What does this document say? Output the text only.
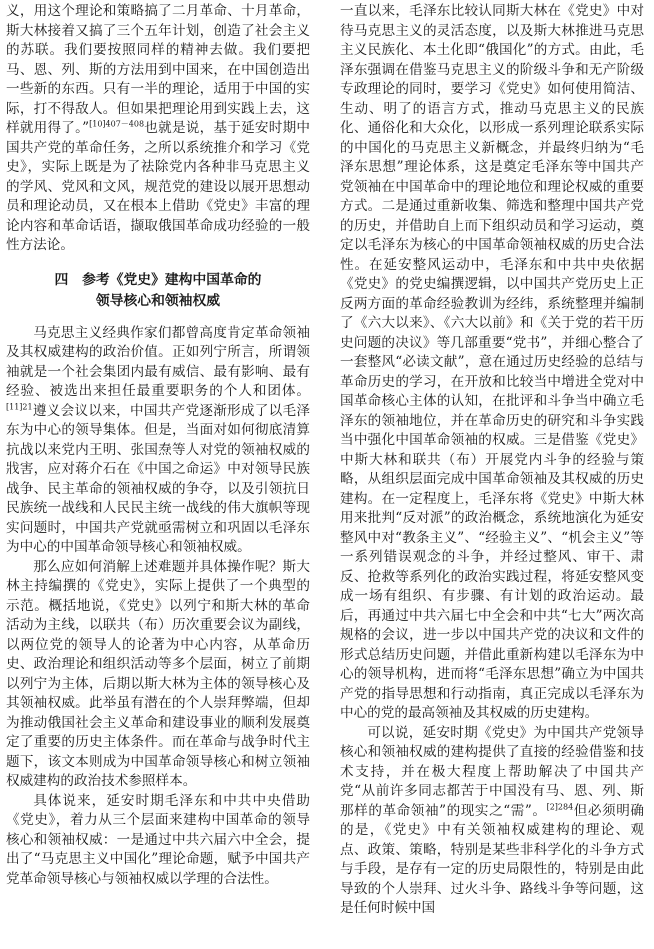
义，用这个理论和策略搞了二月革命、十月革命，斯大林接着又搞了三个五年计划，创造了社会主义的苏联。我们要按照同样的精神去做。我们要把马、恩、列、斯的方法用到中国来，在中国创造出一些新的东西。只有一半的理论，适用于中国的实际，打不得敌人。但如果把理论用到实践上去，这样就用得了。”$^{[10]407-408}$也就是说，基于延安时期中国共产党的革命任务，之所以系统推介和学习《党史》，实际上既是为了祛除党内各种非马克思主义的学风、党风和文风，规范党的建设以展开思想动员和理论动员，又在根本上借助《党史》丰富的理论内容和革命话语，撷取俄国革命成功经验的一般性方法论。

四　参考《党史》建构中国革命的
领导核心和领袖权威

马克思主义经典作家们都曾高度肯定革命领袖及其权威建构的政治价值。正如列宁所言，所谓领袖就是一个社会集团内最有威信、最有影响、最有经验、被选出来担任最重要职务的个人和团体。$^{[11]21}$遵义会议以来，中国共产党逐渐形成了以毛泽东为中心的领导集体。但是，当面对如何彻底清算抗战以来党内王明、张国焘等人对党的领袖权威的戕害，应对蒋介石在《中国之命运》中对领导民族战争、民主革命的领袖权威的争夺，以及引领抗日民族统一战线和人民民主统一战线的伟大旗帜等现实问题时，中国共产党就亟需树立和巩固以毛泽东为中心的中国革命领导核心和领袖权威。

那么应如何消解上述难题并具体操作呢？斯大林主持编撰的《党史》，实际上提供了一个典型的示范。概括地说，《党史》以列宁和斯大林的革命活动为主线，以联共（布）历次重要会议为副线，以两位党的领导人的论著为中心内容，从革命历史、政治理论和组织活动等多个层面，树立了前期以列宁为主体，后期以斯大林为主体的领导核心及其领袖权威。此举虽有潜在的个人崇拜弊端，但却为推动俄国社会主义革命和建设事业的顺利发展奠定了重要的历史主体条件。而在革命与战争时代主题下，该文本则成为中国革命领导核心和树立领袖权威建构的政治技术参照样本。

具体说来，延安时期毛泽东和中共中央借助《党史》，着力从三个层面来建构中国革命的领导核心和领袖权威：一是通过中共六届六中全会，提出了“马克思主义中国化”理论命题，赋予中国共产党革命领导核心与领袖权威以学理的合法性。

一直以来，毛泽东比较认同斯大林在《党史》中对待马克思主义的灵活态度，以及斯大林推进马克思主义民族化、本土化即“俄国化”的方式。由此，毛泽东强调在借鉴马克思主义的阶级斗争和无产阶级专政理论的同时，要学习《党史》如何使用简洁、生动、明了的语言方式，推动马克思主义的民族化、通俗化和大众化，以形成一系列理论联系实际的中国化的马克思主义新概念，并最终归纳为“毛泽东思想”理论体系，这是奠定毛泽东等中国共产党领袖在中国革命中的理论地位和理论权威的重要方式。二是通过重新收集、筛选和整理中国共产党的历史，并借助自上而下组织动员和学习运动，奠定以毛泽东为核心的中国革命领袖权威的历史合法性。在延安整风运动中，毛泽东和中共中央依据《党史》的党史编撰逻辑，以中国共产党历史上正反两方面的革命经验教训为经纬，系统整理并编制了《六大以来》、《六大以前》和《关于党的若干历史问题的决议》等几部重要“党书”，并细心整合了一套整风“必读文献”，意在通过历史经验的总结与革命历史的学习，在开放和比较当中增进全党对中国革命核心主体的认知，在批评和斗争当中确立毛泽东的领袖地位，并在革命历史的研究和斗争实践当中强化中国革命领袖的权威。三是借鉴《党史》中斯大林和联共（布）开展党内斗争的经验与策略，从组织层面完成中国革命领袖及其权威的历史建构。在一定程度上，毛泽东将《党史》中斯大林用来批判“反对派”的政治概念，系统地演化为延安整风中对“教条主义”、“经验主义”、“机会主义”等一系列错误观念的斗争，并经过整风、审干、肃反、抢救等系列化的政治实践过程，将延安整风变成一场有组织、有步骤、有计划的政治运动。最后，再通过中共六届七中全会和中共“七大”两次高规格的会议，进一步以中国共产党的决议和文件的形式总结历史问题，并借此重新构建以毛泽东为中心的领导机构，进而将“毛泽东思想”确立为中国共产党的指导思想和行动指南，真正完成以毛泽东为中心的党的最高领袖及其权威的历史建构。

可以说，延安时期《党史》为中国共产党领导核心和领袖权威的建构提供了直接的经验借鉴和技术支持，并在极大程度上帮助解决了中国共产党“从前许多同志都苦于中国没有马、恩、列、斯那样的革命领袖”的现实之“需”。$^{[2]284}$但必须明确的是，《党史》中有关领袖权威建构的理论、观点、政策、策略，特别是某些非科学化的斗争方式与手段，是存有一定的历史局限性的，特别是由此导致的个人崇拜、过火斗争、路线斗争等问题，这是任何时候中国
